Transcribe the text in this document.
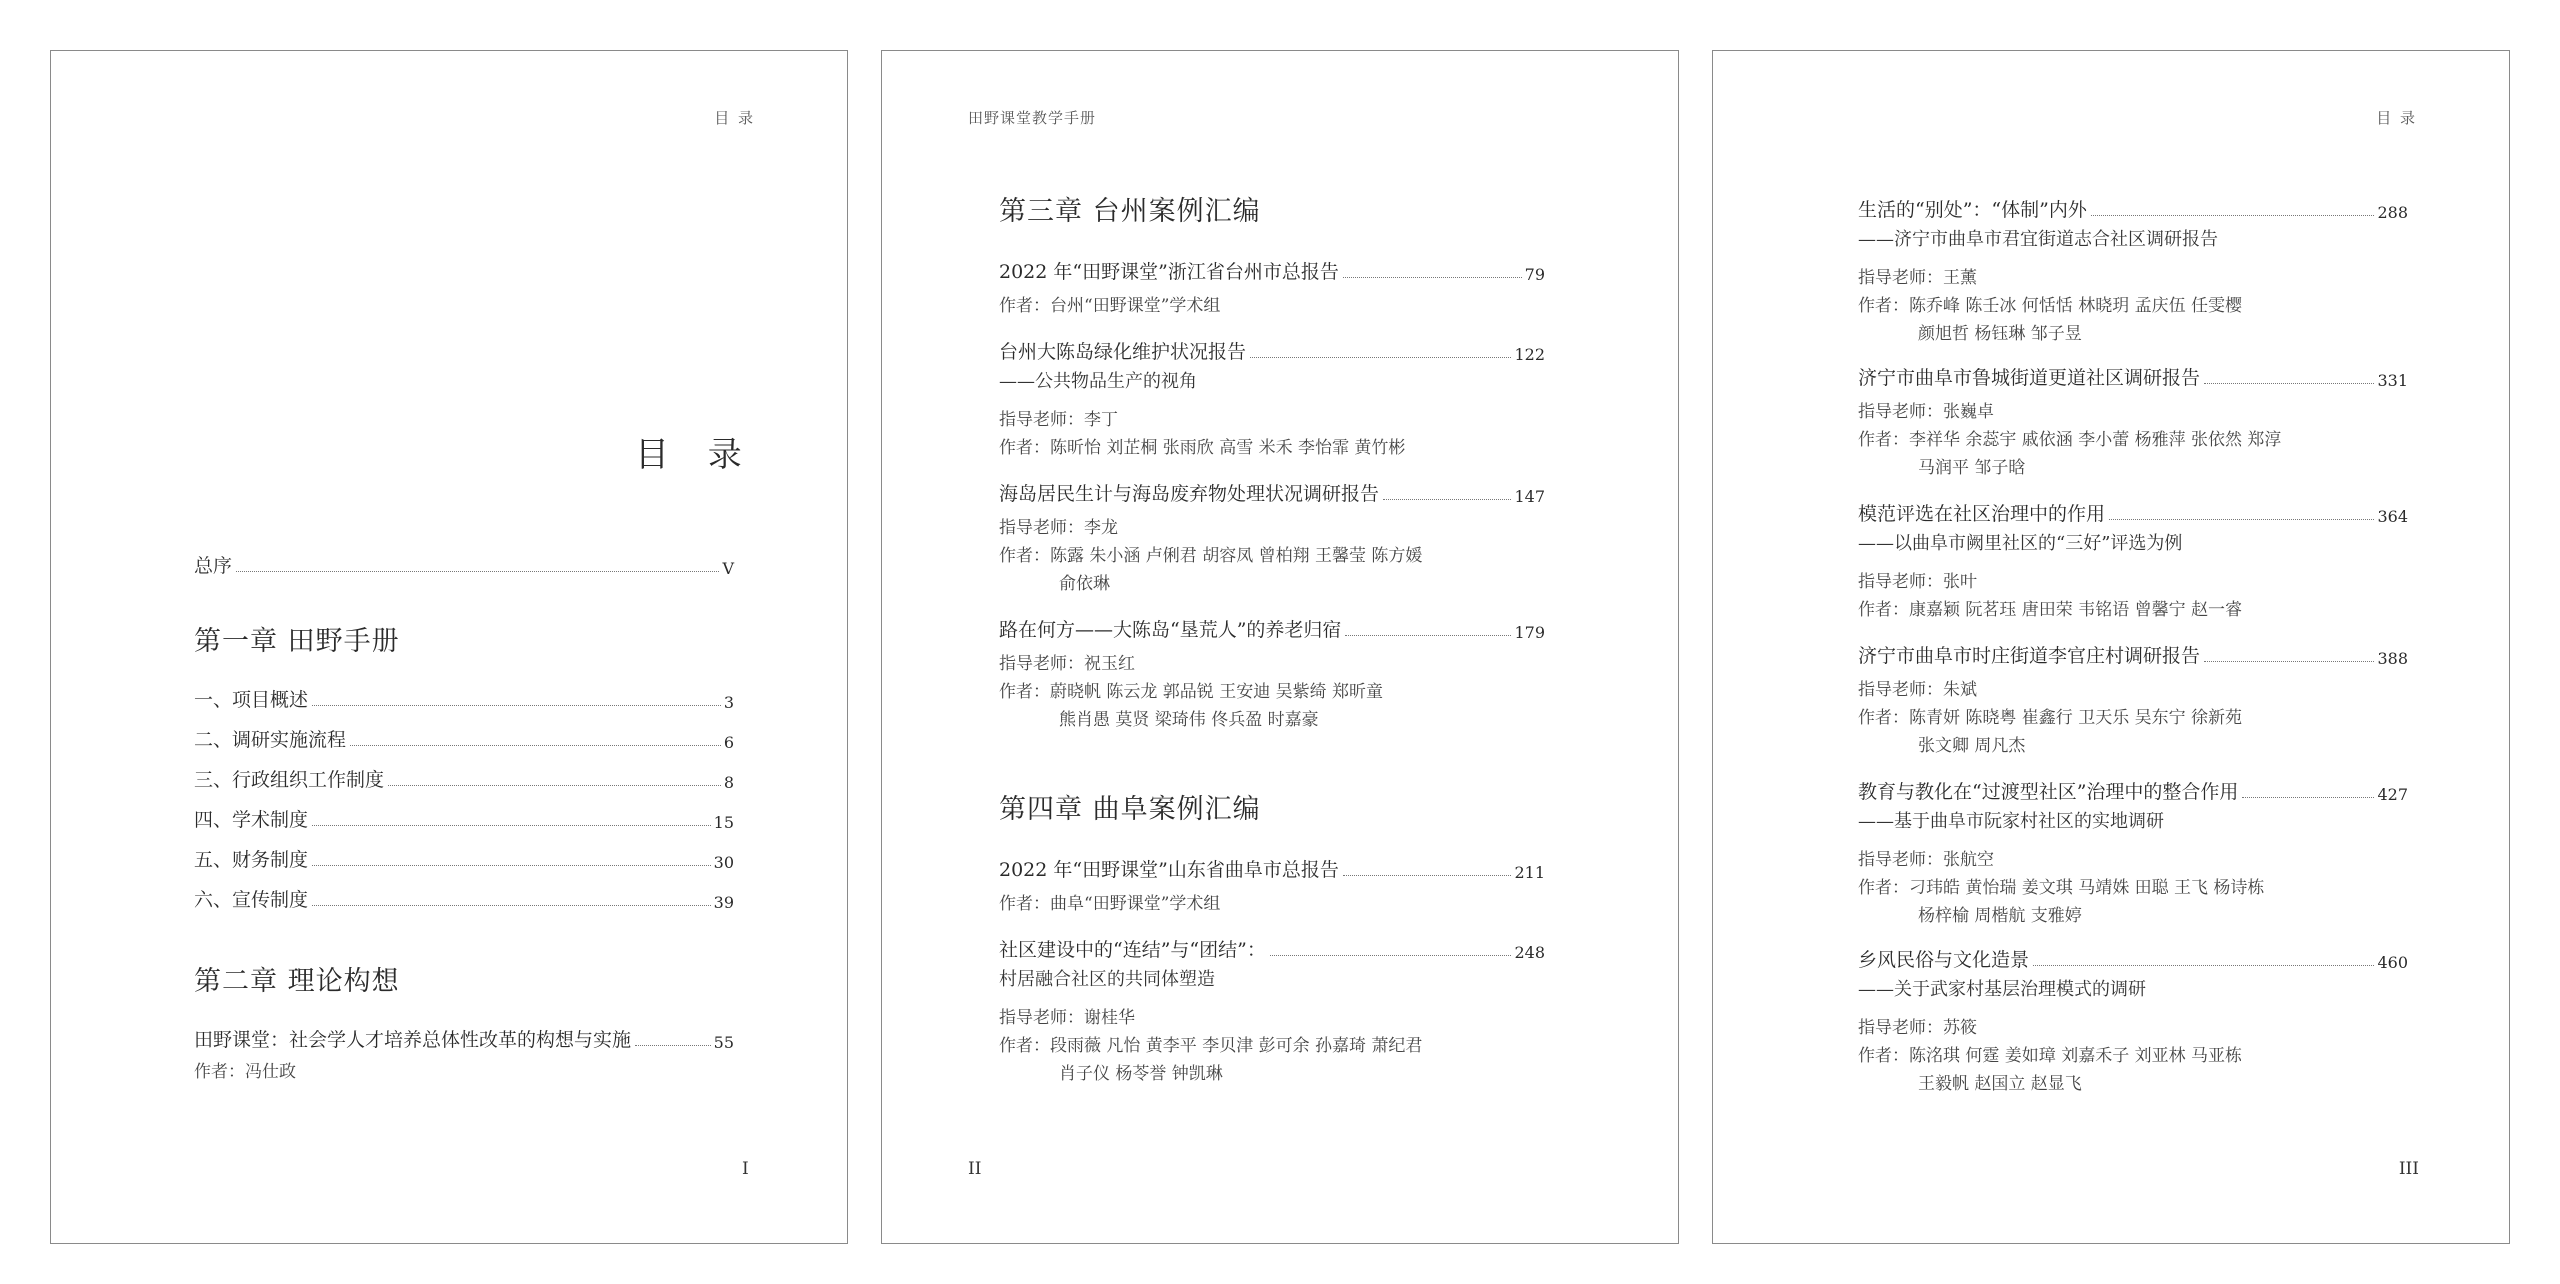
目 录
目 录
总序	V
第一章 田野手册
一、项目概述	3
二、调研实施流程	6
三、行政组织工作制度	8
四、学术制度	15
五、财务制度	30
六、宣传制度	39
第二章 理论构想
田野课堂：社会学人才培养总体性改革的构想与实施	55
作者：冯仕政
I
田野课堂教学手册
第三章 台州案例汇编
2022 年“田野课堂”浙江省台州市总报告	79
作者：台州“田野课堂”学术组
台州大陈岛绿化维护状况报告	122
——公共物品生产的视角
指导老师：李丁
作者：陈昕怡 刘芷桐 张雨欣 高雪 米禾 李怡霏 黄竹彬
海岛居民生计与海岛废弃物处理状况调研报告	147
指导老师：李龙
作者：陈露 朱小涵 卢俐君 胡容凤 曾柏翔 王馨莹 陈方媛
俞依琳
路在何方——大陈岛“垦荒人”的养老归宿	179
指导老师：祝玉红
作者：蔚晓帆 陈云龙 郭品锐 王安迪 吴紫绮 郑昕童
熊肖愚 莫贤 梁琦伟 佟兵盈 时嘉豪
第四章 曲阜案例汇编
2022 年“田野课堂”山东省曲阜市总报告	211
作者：曲阜“田野课堂”学术组
社区建设中的“连结”与“团结”：	248
村居融合社区的共同体塑造
指导老师：谢桂华
作者：段雨薇 凡怡 黄李平 李贝津 彭可余 孙嘉琦 萧纪君
肖子仪 杨苓誉 钟凯琳
II
目 录
生活的“别处”：“体制”内外	288
——济宁市曲阜市君宜街道志合社区调研报告
指导老师：王薰
作者：陈乔峰 陈壬冰 何恬恬 林晓玥 孟庆伍 任雯樱
颜旭哲 杨钰琳 邹子昱
济宁市曲阜市鲁城街道更道社区调研报告	331
指导老师：张巍卓
作者：李祥华 余蕊宇 戚依涵 李小蕾 杨雅萍 张依然 郑淳
马润平 邹子晗
模范评选在社区治理中的作用	364
——以曲阜市阙里社区的“三好”评选为例
指导老师：张叶
作者：康嘉颖 阮茗珏 唐田荣 韦铭语 曾馨宁 赵一睿
济宁市曲阜市时庄街道李官庄村调研报告	388
指导老师：朱斌
作者：陈青妍 陈晓粤 崔鑫行 卫天乐 吴东宁 徐新苑
张文卿 周凡杰
教育与教化在“过渡型社区”治理中的整合作用	427
——基于曲阜市阮家村社区的实地调研
指导老师：张航空
作者：刁玮皓 黄怡瑞 姜文琪 马靖姝 田聪 王飞 杨诗栋
杨梓榆 周楷航 支雅婷
乡风民俗与文化造景	460
——关于武家村基层治理模式的调研
指导老师：苏筱
作者：陈洺琪 何霆 姜如璋 刘嘉禾子 刘亚林 马亚栋
王毅帆 赵国立 赵显飞
III
